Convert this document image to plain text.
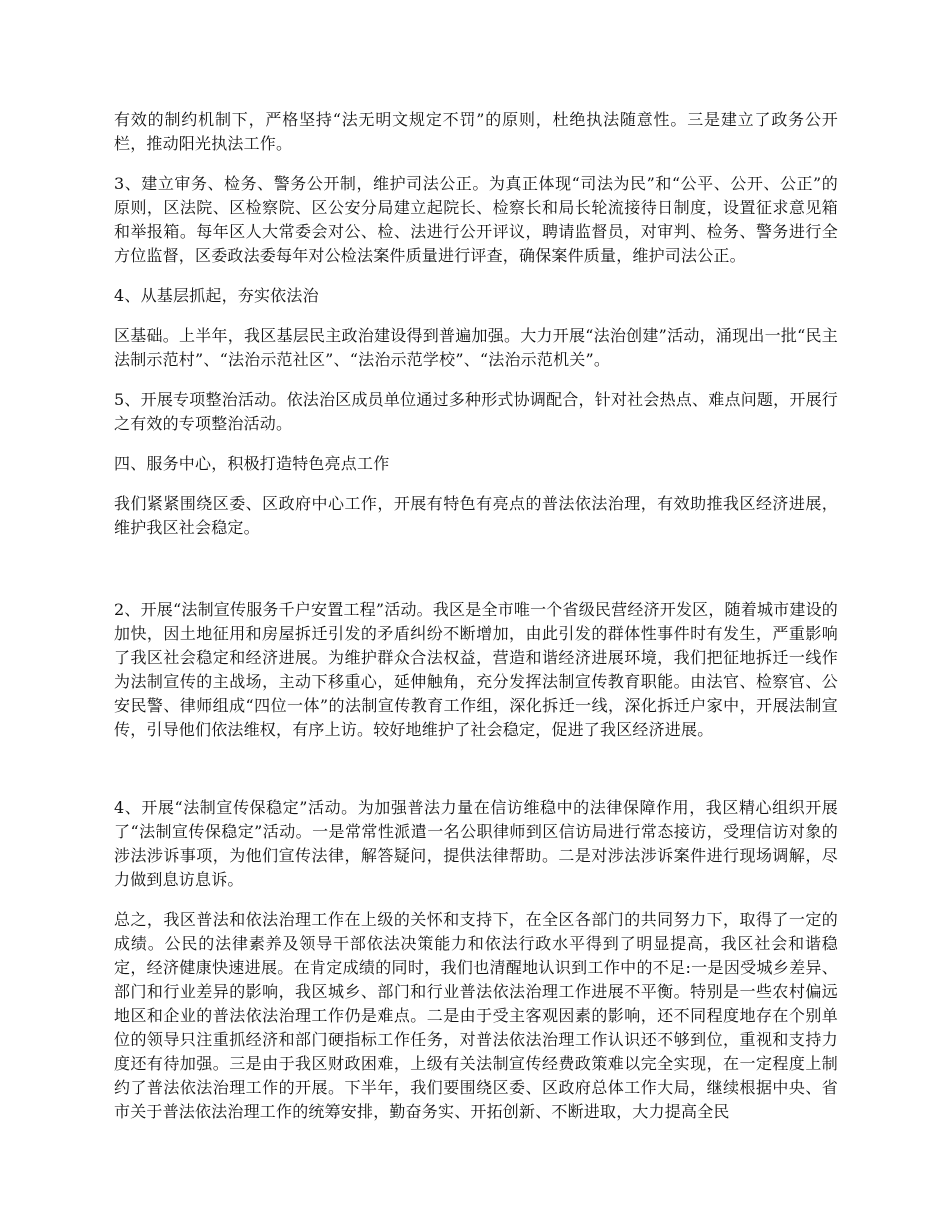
有效的制约机制下，严格坚持“法无明文规定不罚”的原则，杜绝执法随意性。三是建立了政务公开栏，推动阳光执法工作。

3、建立审务、检务、警务公开制，维护司法公正。为真正体现“司法为民”和“公平、公开、公正”的原则，区法院、区检察院、区公安分局建立起院长、检察长和局长轮流接待日制度，设置征求意见箱和举报箱。每年区人大常委会对公、检、法进行公开评议，聘请监督员，对审判、检务、警务进行全方位监督，区委政法委每年对公检法案件质量进行评查，确保案件质量，维护司法公正。

4、从基层抓起，夯实依法治

区基础。上半年，我区基层民主政治建设得到普遍加强。大力开展“法治创建”活动，涌现出一批“民主法制示范村”、“法治示范社区”、“法治示范学校”、“法治示范机关”。

5、开展专项整治活动。依法治区成员单位通过多种形式协调配合，针对社会热点、难点问题，开展行之有效的专项整治活动。

四、服务中心，积极打造特色亮点工作

我们紧紧围绕区委、区政府中心工作，开展有特色有亮点的普法依法治理，有效助推我区经济进展，维护我区社会稳定。

2、开展“法制宣传服务千户安置工程”活动。我区是全市唯一个省级民营经济开发区，随着城市建设的加快，因土地征用和房屋拆迁引发的矛盾纠纷不断增加，由此引发的群体性事件时有发生，严重影响了我区社会稳定和经济进展。为维护群众合法权益，营造和谐经济进展环境，我们把征地拆迁一线作为法制宣传的主战场，主动下移重心，延伸触角，充分发挥法制宣传教育职能。由法官、检察官、公安民警、律师组成“四位一体”的法制宣传教育工作组，深化拆迁一线，深化拆迁户家中，开展法制宣传，引导他们依法维权，有序上访。较好地维护了社会稳定，促进了我区经济进展。

4、开展“法制宣传保稳定”活动。为加强普法力量在信访维稳中的法律保障作用，我区精心组织开展了“法制宣传保稳定”活动。一是常常性派遣一名公职律师到区信访局进行常态接访，受理信访对象的涉法涉诉事项，为他们宣传法律，解答疑问，提供法律帮助。二是对涉法涉诉案件进行现场调解，尽力做到息访息诉。

总之，我区普法和依法治理工作在上级的关怀和支持下，在全区各部门的共同努力下，取得了一定的成绩。公民的法律素养及领导干部依法决策能力和依法行政水平得到了明显提高，我区社会和谐稳定，经济健康快速进展。在肯定成绩的同时，我们也清醒地认识到工作中的不足:一是因受城乡差异、部门和行业差异的影响，我区城乡、部门和行业普法依法治理工作进展不平衡。特别是一些农村偏远地区和企业的普法依法治理工作仍是难点。二是由于受主客观因素的影响，还不同程度地存在个别单位的领导只注重抓经济和部门硬指标工作任务，对普法依法治理工作认识还不够到位，重视和支持力度还有待加强。三是由于我区财政困难，上级有关法制宣传经费政策难以完全实现，在一定程度上制约了普法依法治理工作的开展。下半年，我们要围绕区委、区政府总体工作大局，继续根据中央、省市关于普法依法治理工作的统筹安排，勤奋务实、开拓创新、不断进取，大力提高全民
